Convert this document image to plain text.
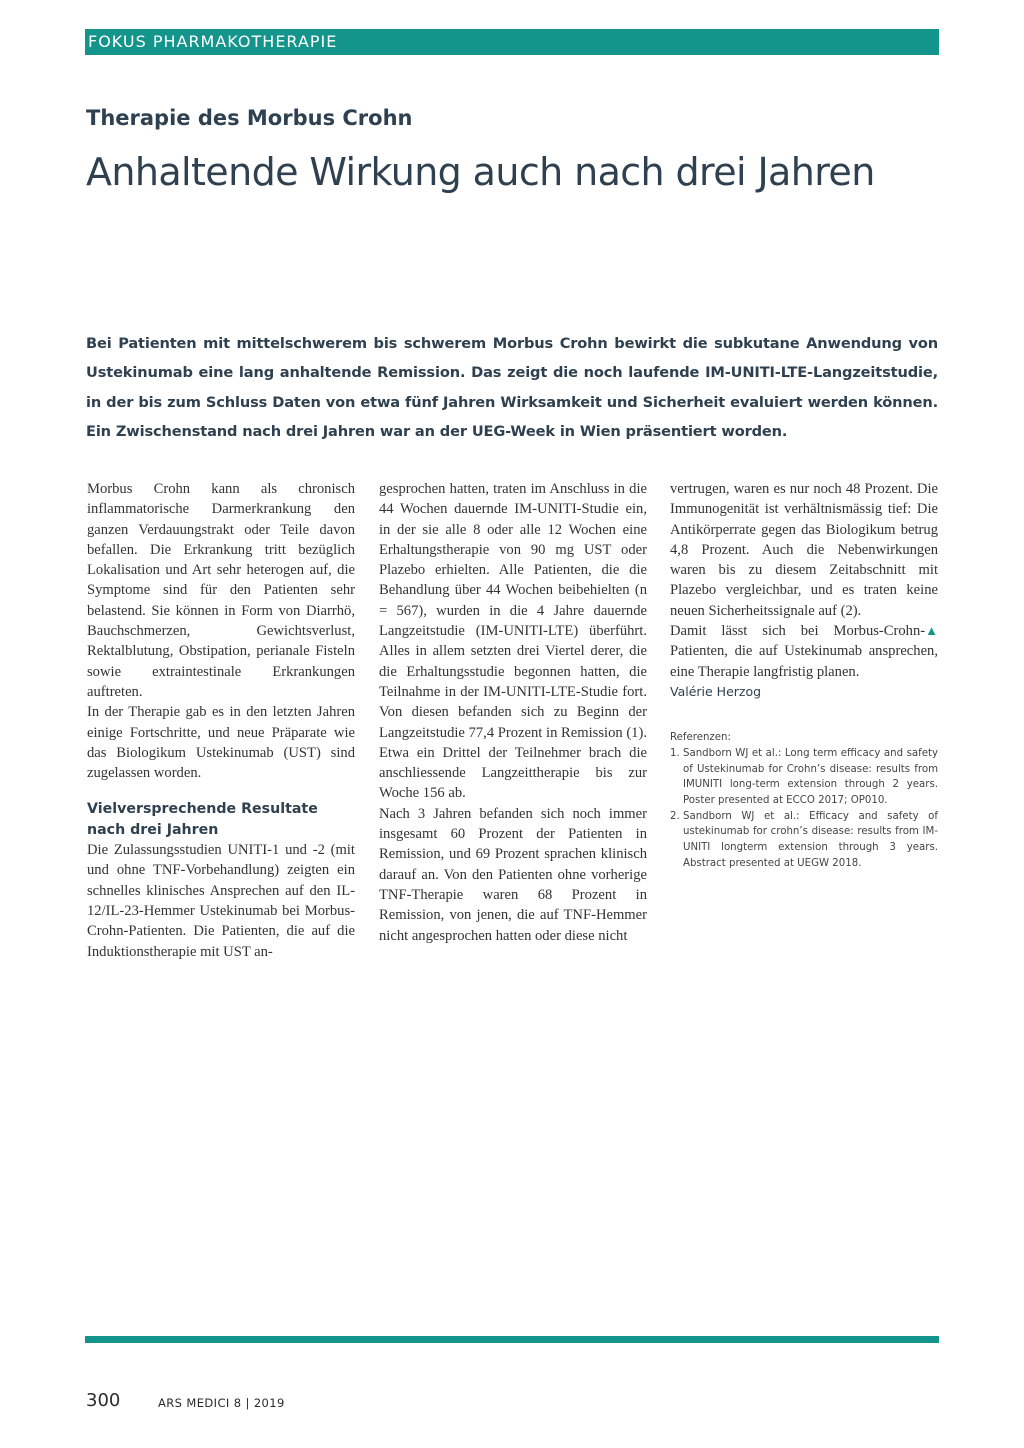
FOKUS PHARMAKOTHERAPIE
Therapie des Morbus Crohn
Anhaltende Wirkung auch nach drei Jahren

Bei Patienten mit mittelschwerem bis schwerem Morbus Crohn bewirkt die subkutane Anwendung von Ustekinumab eine lang anhaltende Remission. Das zeigt die noch laufende IM-UNITI-LTE-Langzeitstudie, in der bis zum Schluss Daten von etwa fünf Jahren Wirksamkeit und Sicherheit evaluiert werden können. Ein Zwischenstand nach drei Jahren war an der UEG-Week in Wien präsentiert worden.

Morbus Crohn kann als chronisch inflammatorische Darmerkrankung den ganzen Verdauungstrakt oder Teile davon befallen. Die Erkrankung tritt bezüglich Lokalisation und Art sehr heterogen auf, die Symptome sind für den Patienten sehr belastend. Sie können in Form von Diarrhö, Bauchschmerzen, Gewichtsverlust, Rektalblutung, Obstipation, perianale Fisteln sowie extraintestinale Erkrankungen auftreten.

In der Therapie gab es in den letzten Jahren einige Fortschritte, und neue Präparate wie das Biologikum Ustekinumab (UST) sind zugelassen worden.

Vielversprechende Resultate
nach drei Jahren

Die Zulassungsstudien UNITI-1 und -2 (mit und ohne TNF-Vorbehandlung) zeigten ein schnelles klinisches Ansprechen auf den IL-12/IL-23-Hemmer Ustekinumab bei Morbus-Crohn-Patienten. Die Patienten, die auf die Induktionstherapie mit UST an-

gesprochen hatten, traten im Anschluss in die 44 Wochen dauernde IM-UNITI-Studie ein, in der sie alle 8 oder alle 12 Wochen eine Erhaltungstherapie von 90 mg UST oder Plazebo erhielten. Alle Patienten, die die Behandlung über 44 Wochen beibehielten (n = 567), wurden in die 4 Jahre dauernde Langzeitstudie (IM-UNITI-LTE) überführt. Alles in allem setzten drei Viertel derer, die die Erhaltungsstudie begonnen hatten, die Teilnahme in der IM-UNITI-LTE-Studie fort. Von diesen befanden sich zu Beginn der Langzeitstudie 77,4 Prozent in Remission (1). Etwa ein Drittel der Teilnehmer brach die anschliessende Langzeittherapie bis zur Woche 156 ab.

Nach 3 Jahren befanden sich noch immer insgesamt 60 Prozent der Patienten in Remission, und 69 Prozent sprachen klinisch darauf an. Von den Patienten ohne vorherige TNF-Therapie waren 68 Prozent in Remission, von jenen, die auf TNF-Hemmer nicht angesprochen hatten oder diese nicht

vertrugen, waren es nur noch 48 Prozent. Die Immunogenität ist verhältnismässig tief: Die Antikörperrate gegen das Biologikum betrug 4,8 Prozent. Auch die Nebenwirkungen waren bis zu diesem Zeitabschnitt mit Plazebo vergleichbar, und es traten keine neuen Sicherheitssignale auf (2).

▲
Damit lässt sich bei Morbus-Crohn-Patienten, die auf Ustekinumab ansprechen, eine Therapie langfristig planen.

Valérie Herzog

Referenzen:

1. Sandborn WJ et al.: Long term efficacy and safety of Ustekinumab for Crohn’s disease: results from IMUNITI long-term extension through 2 years. Poster presented at ECCO 2017; OP010.
2. Sandborn WJ et al.: Efficacy and safety of ustekinumab for crohn’s disease: results from IM-UNITI longterm extension through 3 years. Abstract presented at UEGW 2018.
300	ARS MEDICI 8 | 2019
